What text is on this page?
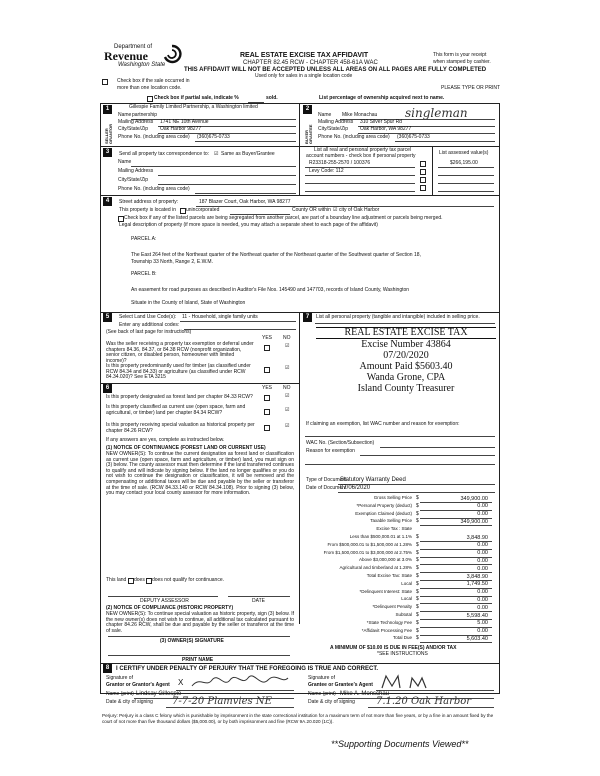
Department of
Revenue
Washington State
REAL ESTATE EXCISE TAX AFFIDAVIT
CHAPTER 82.45 RCW - CHAPTER 458-61A WAC
THIS AFFIDAVIT WILL NOT BE ACCEPTED UNLESS ALL AREAS ON ALL PAGES ARE FULLY COMPLETED
Used only for sales in a single location code
This form is your receipt
when stamped by cashier.
Check box if the sale occurred in
more than one location code.	PLEASE TYPE OR PRINT
Check box if partial sale, indicate %	sold.	List percentage of ownership acquired next to name.
1
SELLER GRANTOR
Gillespie Family Limited Partnership, a Washington limited
Name partnership
Mailing Address 1741 NE 10th Avenue
City/State/Zip Oak Harbor 98277
Phone No. (including area code) (360)675-0733
2
BUYER GRANTEE
Name Mike Monachau singleman
Mailing Address 310 Silver Spur Rd
City/State/Zip Oak Harbor, WA 98277
Phone No. (including area code) (360)675-0733
3	Send all property tax correspondence to: ☑ Same as Buyer/Grantee
Name
Mailing Address
City/State/Zip
Phone No. (including area code)
List all real and personal property tax parcel
account numbers - check box if personal property	List assessed value(s)
R23318-255-2570 / 100376	$266,195.00
Levy Code: 112
4	Street address of property:	187 Blazer Court, Oak Harbor, WA 98277
This property is located in unincorporated	County OR within ☑ city of Oak Harbor
Check box if any of the listed parcels are being segregated from another parcel, are part of a boundary line adjustment or parcels being merged.
Legal description of property (if more space is needed, you may attach a separate sheet to each page of the affidavit)
PARCEL A:
The East 264 feet of the Northeast quarter of the Northeast quarter of the Northeast quarter of the Southwest quarter of Section 18,
Township 33 North, Range 2, E.W.M.
PARCEL B:
An easement for road purposes as described in Auditor's File Nos. 145490 and 147703, records of Island County, Washington
Situate in the County of Island, State of Washington
5	Select Land Use Code(s): 11 - Household, single family units
Enter any additional codes:
(See back of last page for instructions)
YES NO
Was the seller receiving a property tax exemption or deferral under chapters 84.36, 84.37, or 84.38 RCW (nonprofit organization, senior citizen, or disabled person, homeowner with limited income)?
☑
Is this property predominantly used for timber (as classified under RCW 84.34 and 84.33) or agriculture (as classified under RCW 84.34.020)? See ETA 3215
☑
7	List all personal property (tangible and intangible) included in selling price.
REAL ESTATE EXCISE TAX
Excise Number 43864
07/20/2020
Amount Paid $5603.40
Wanda Grone, CPA
Island County Treasurer
6	YES NO
Is this property designated as forest land per chapter 84.33 RCW?	☑
Is this property classified as current use (open space, farm and agricultural, or timber) land per chapter 84.34 RCW?	☑
Is this property receiving special valuation as historical property per chapter 84.26 RCW?
☑
If any answers are yes, complete as instructed below.
(1) NOTICE OF CONTINUANCE (FOREST LAND OR CURRENT USE)
NEW OWNER(S): To continue the current designation as forest land or classification as current use (open space, farm and agriculture, or timber) land, you must sign on (3) below. The county assessor must then determine if the land transferred continues to qualify and will indicate by signing below. If the land no longer qualifies or you do not wish to continue the designation or classification, it will be removed and the compensating or additional taxes will be due and payable by the seller or transferor at the time of sale. (RCW 84.33.140 or RCW 84.34.108). Prior to signing (3) below, you may contact your local county assessor for more information.
This land does does not qualify for continuance.
DEPUTY ASSESSOR	DATE
(2) NOTICE OF COMPLIANCE (HISTORIC PROPERTY)
NEW OWNER(S): To continue special valuation as historic property, sign (3) below. If the new owner(s) does not wish to continue, all additional tax calculated pursuant to chapter 84.26 RCW, shall be due and payable by the seller or transferor at the time of sale.
(3) OWNER(S) SIGNATURE
PRINT NAME
If claiming an exemption, list WAC number and reason for exemption:
WAC No. (Section/Subsection)
Reason for exemption
Type of Document
Statutory Warranty Deed
Date of Document
07/06/2020
Gross Selling Price $	349,900.00
*Personal Property (deduct) $	0.00
Exemption Claimed (deduct) $	0.00
Taxable Selling Price $	349,900.00
Excise Tax : State
Less than $500,000.01 at 1.1% $	3,848.90
From $500,000.01 to $1,500,000 at 1.28% $	0.00
From $1,500,000.01 to $3,000,000 at 2.75% $	0.00
Above $3,000,000 at 3.0% $	0.00
Agricultural and timberland at 1.28% $	0.00
Total Excise Tax: State $	3,848.90
Local $	1,749.50
*Delinquent Interest: State $	0.00
Local $	0.00
*Delinquent Penalty $	0.00
Subtotal $	5,598.40
*State Technology Fee $	5.00
*Affidavit Processing Fee $	0.00
Total Due $	5,603.40
A MINIMUM OF $10.00 IS DUE IN FEE(S) AND/OR TAX
*SEE INSTRUCTIONS
8	I CERTIFY UNDER PENALTY OF PERJURY THAT THE FOREGOING IS TRUE AND CORRECT.
Signature of
Grantor or Grantor's Agent X
Name (print) Lindsay Gillespie
Date & city of signing 7-7-20 Plamvies NE
Signature of
Grantee or Grantee's Agent
Name (print) Mike A. Monschau
Date & city of signing 7.1.20 Oak Harbor
Perjury: Perjury is a class C felony which is punishable by imprisonment in the state correctional institution for a maximum term of not more than five years, or by a fine in an amount fixed by the court of not more than five thousand dollars ($5,000.00), or by both imprisonment and fine (RCW 9A.20.020 (1C)).
**Supporting Documents Viewed**
